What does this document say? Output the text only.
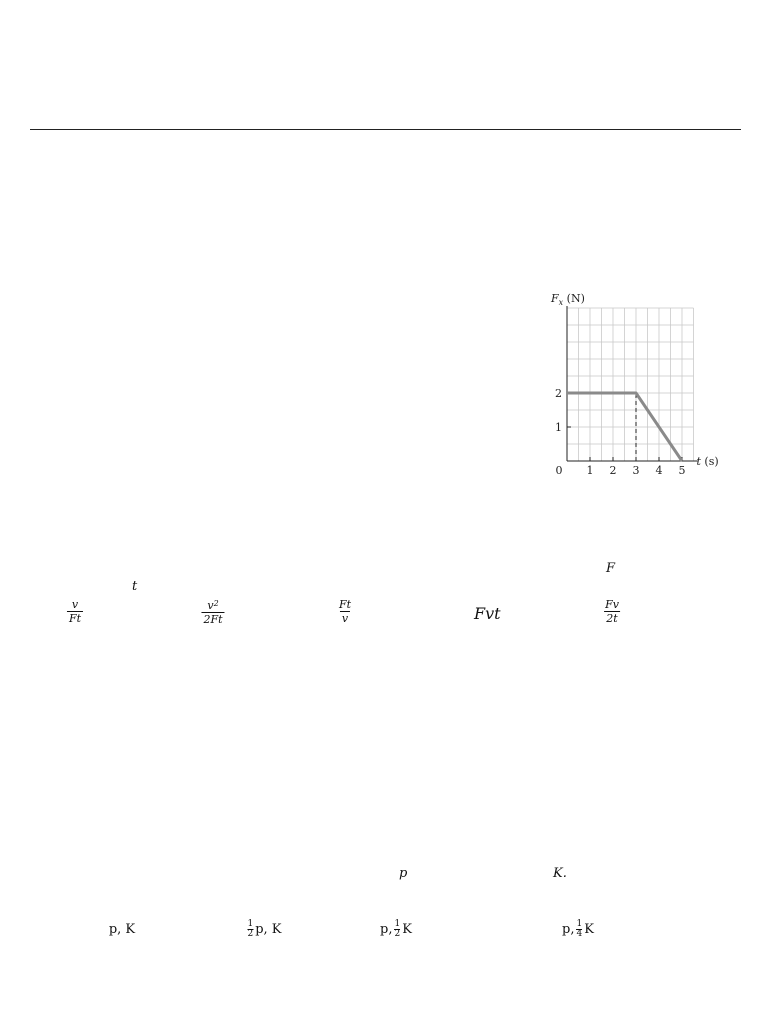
0 1 2 3 4 5
1
2
$F_x$ (N)
t (s)
F
t
$\frac{v}{Ft}$	$\frac{v^2}{2Ft}$	$\frac{Ft}{v}$	Fvt	$\frac{Fv}{2t}$
p	K.
p, K	$\frac{1}{2} p$, K	p, $\frac{1}{2}$ K	p, $\frac{1}{4}$ K
